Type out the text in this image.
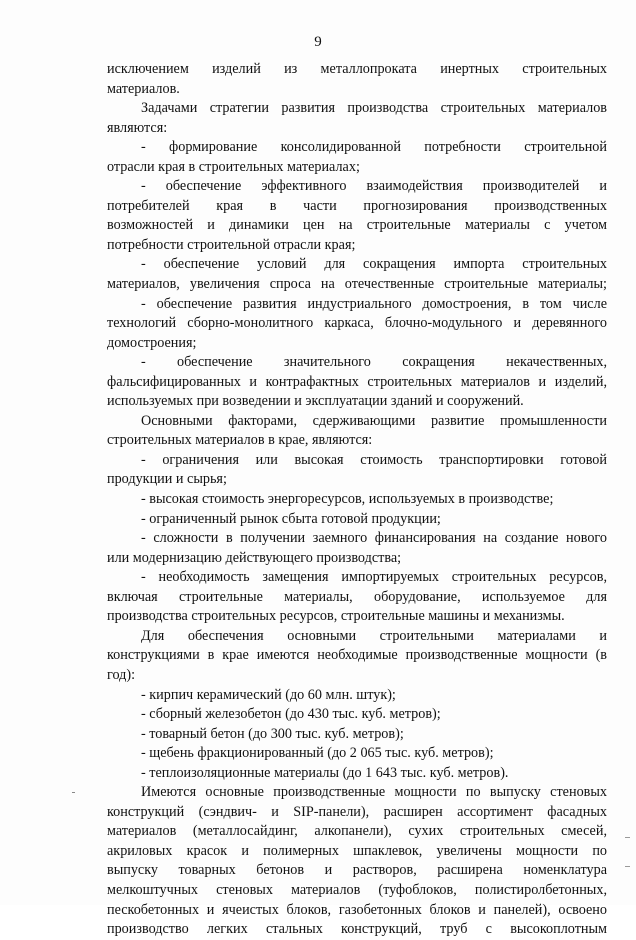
9
исключением изделий из металлопроката инертных строительных
материалов.
Задачами стратегии развития производства строительных материалов
являются:
- формирование консолидированной потребности строительной
отрасли края в строительных материалах;
- обеспечение эффективного взаимодействия производителей и
потребителей края в части прогнозирования производственных
возможностей и динамики цен на строительные материалы с учетом
потребности строительной отрасли края;
- обеспечение условий для сокращения импорта строительных
материалов, увеличения спроса на отечественные строительные материалы;
- обеспечение развития индустриального домостроения, в том числе
технологий сборно-монолитного каркаса, блочно-модульного и деревянного
домостроения;
- обеспечение значительного сокращения некачественных,
фальсифицированных и контрафактных строительных материалов и изделий,
используемых при возведении и эксплуатации зданий и сооружений.
Основными факторами, сдерживающими развитие промышленности
строительных материалов в крае, являются:
- ограничения или высокая стоимость транспортировки готовой
продукции и сырья;
- высокая стоимость энергоресурсов, используемых в производстве;
- ограниченный рынок сбыта готовой продукции;
- сложности в получении заемного финансирования на создание нового
или модернизацию действующего производства;
- необходимость замещения импортируемых строительных ресурсов,
включая строительные материалы, оборудование, используемое для
производства строительных ресурсов, строительные машины и механизмы.
Для обеспечения основными строительными материалами и
конструкциями в крае имеются необходимые производственные мощности (в
год):
- кирпич керамический (до 60 млн. штук);
- сборный железобетон (до 430 тыс. куб. метров);
- товарный бетон (до 300 тыс. куб. метров);
- щебень фракционированный (до 2 065 тыс. куб. метров);
- теплоизоляционные материалы (до 1 643 тыс. куб. метров).
Имеются основные производственные мощности по выпуску стеновых
конструкций (сэндвич- и SIP-панели), расширен ассортимент фасадных
материалов (металлосайдинг, алкопанели), сухих строительных смесей,
акриловых красок и полимерных шпаклевок, увеличены мощности по
выпуску товарных бетонов и растворов, расширена номенклатура
мелкоштучных стеновых материалов (туфоблоков, полистиролбетонных,
пескобетонных и ячеистых блоков, газобетонных блоков и панелей), освоено
производство легких стальных конструкций, труб с высокоплотным
